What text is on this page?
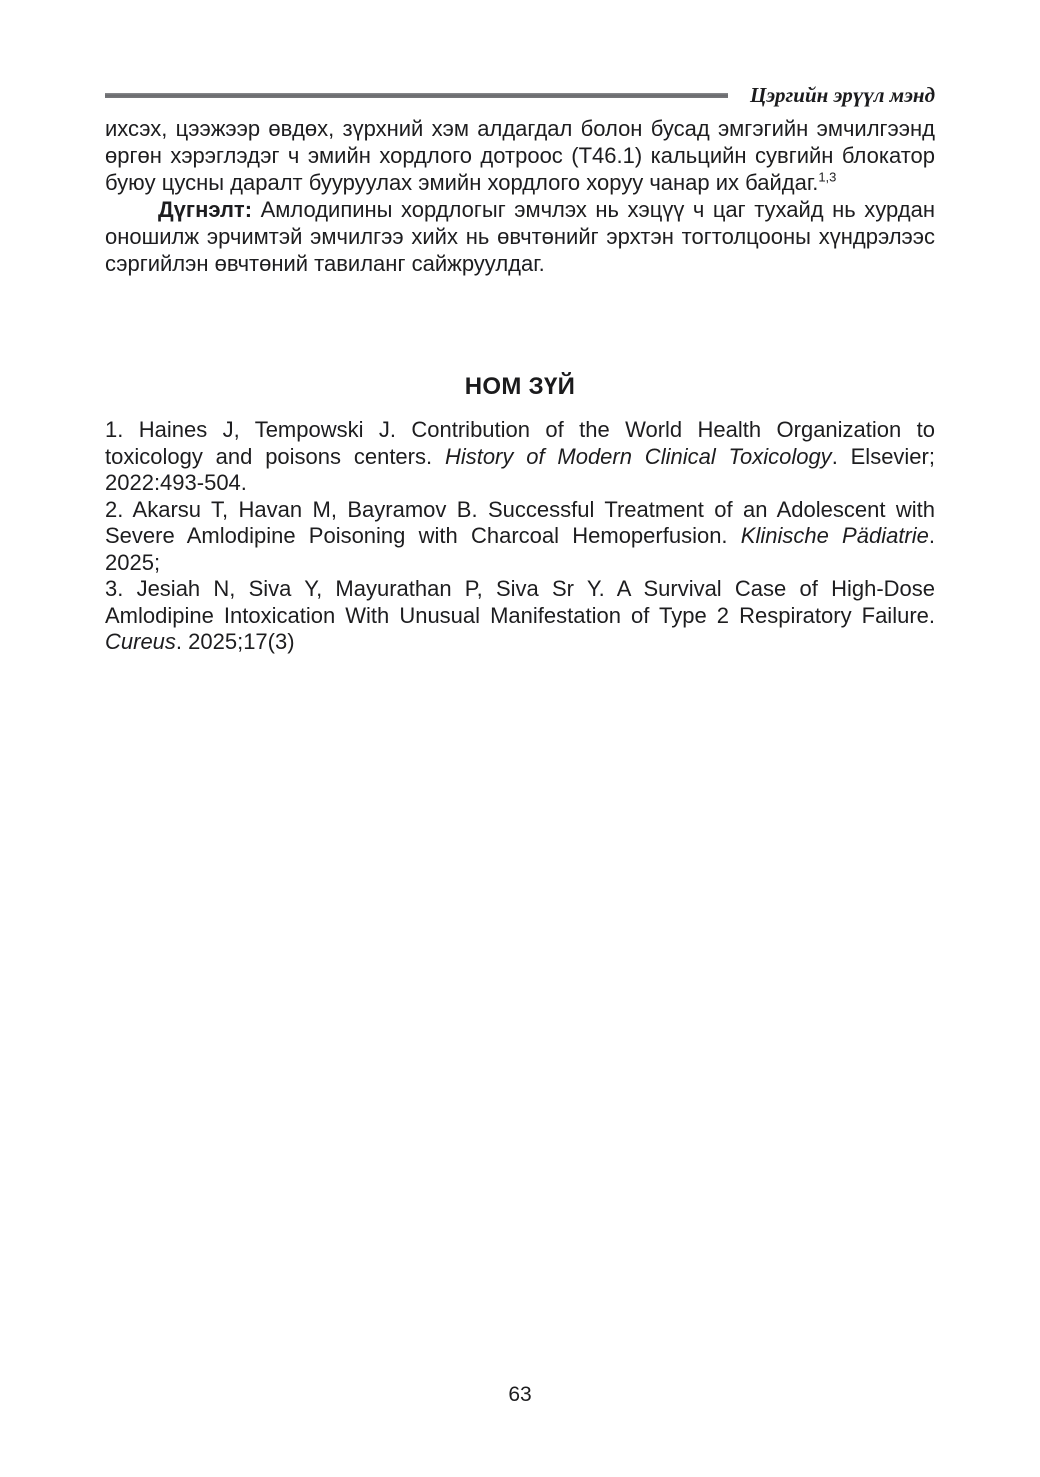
Цэргийн эрүүл мэнд

ихсэх, цээжээр өвдөх, зүрхний хэм алдагдал болон бусад эмгэгийн эмчилгээнд өргөн хэрэглэдэг ч эмийн хордлого дотроос (Т46.1) кальцийн сувгийн блокатор буюу цусны даралт бууруулах эмийн хордлого хоруу чанар их байдаг.$^{1,3}$

Дүгнэлт: Амлодипины хордлогыг эмчлэх нь хэцүү ч цаг тухайд нь хурдан оношилж эрчимтэй эмчилгээ хийх нь өвчтөнийг эрхтэн тогтолцооны хүндрэлээс сэргийлэн өвчтөний тавиланг сайжруулдаг.

НОМ ЗҮЙ

1. Haines J, Tempowski J. Contribution of the World Health Organization to toxicology and poisons centers. History of Modern Clinical Toxicology. Elsevier; 2022:493-504.

2. Akarsu T, Havan M, Bayramov B. Successful Treatment of an Adolescent with Severe Amlodipine Poisoning with Charcoal Hemoperfusion. Klinische Pädiatrie. 2025;

3. Jesiah N, Siva Y, Mayurathan P, Siva Sr Y. A Survival Case of High-Dose Amlodipine Intoxication With Unusual Manifestation of Type 2 Respiratory Failure. Cureus. 2025;17(3)

63
